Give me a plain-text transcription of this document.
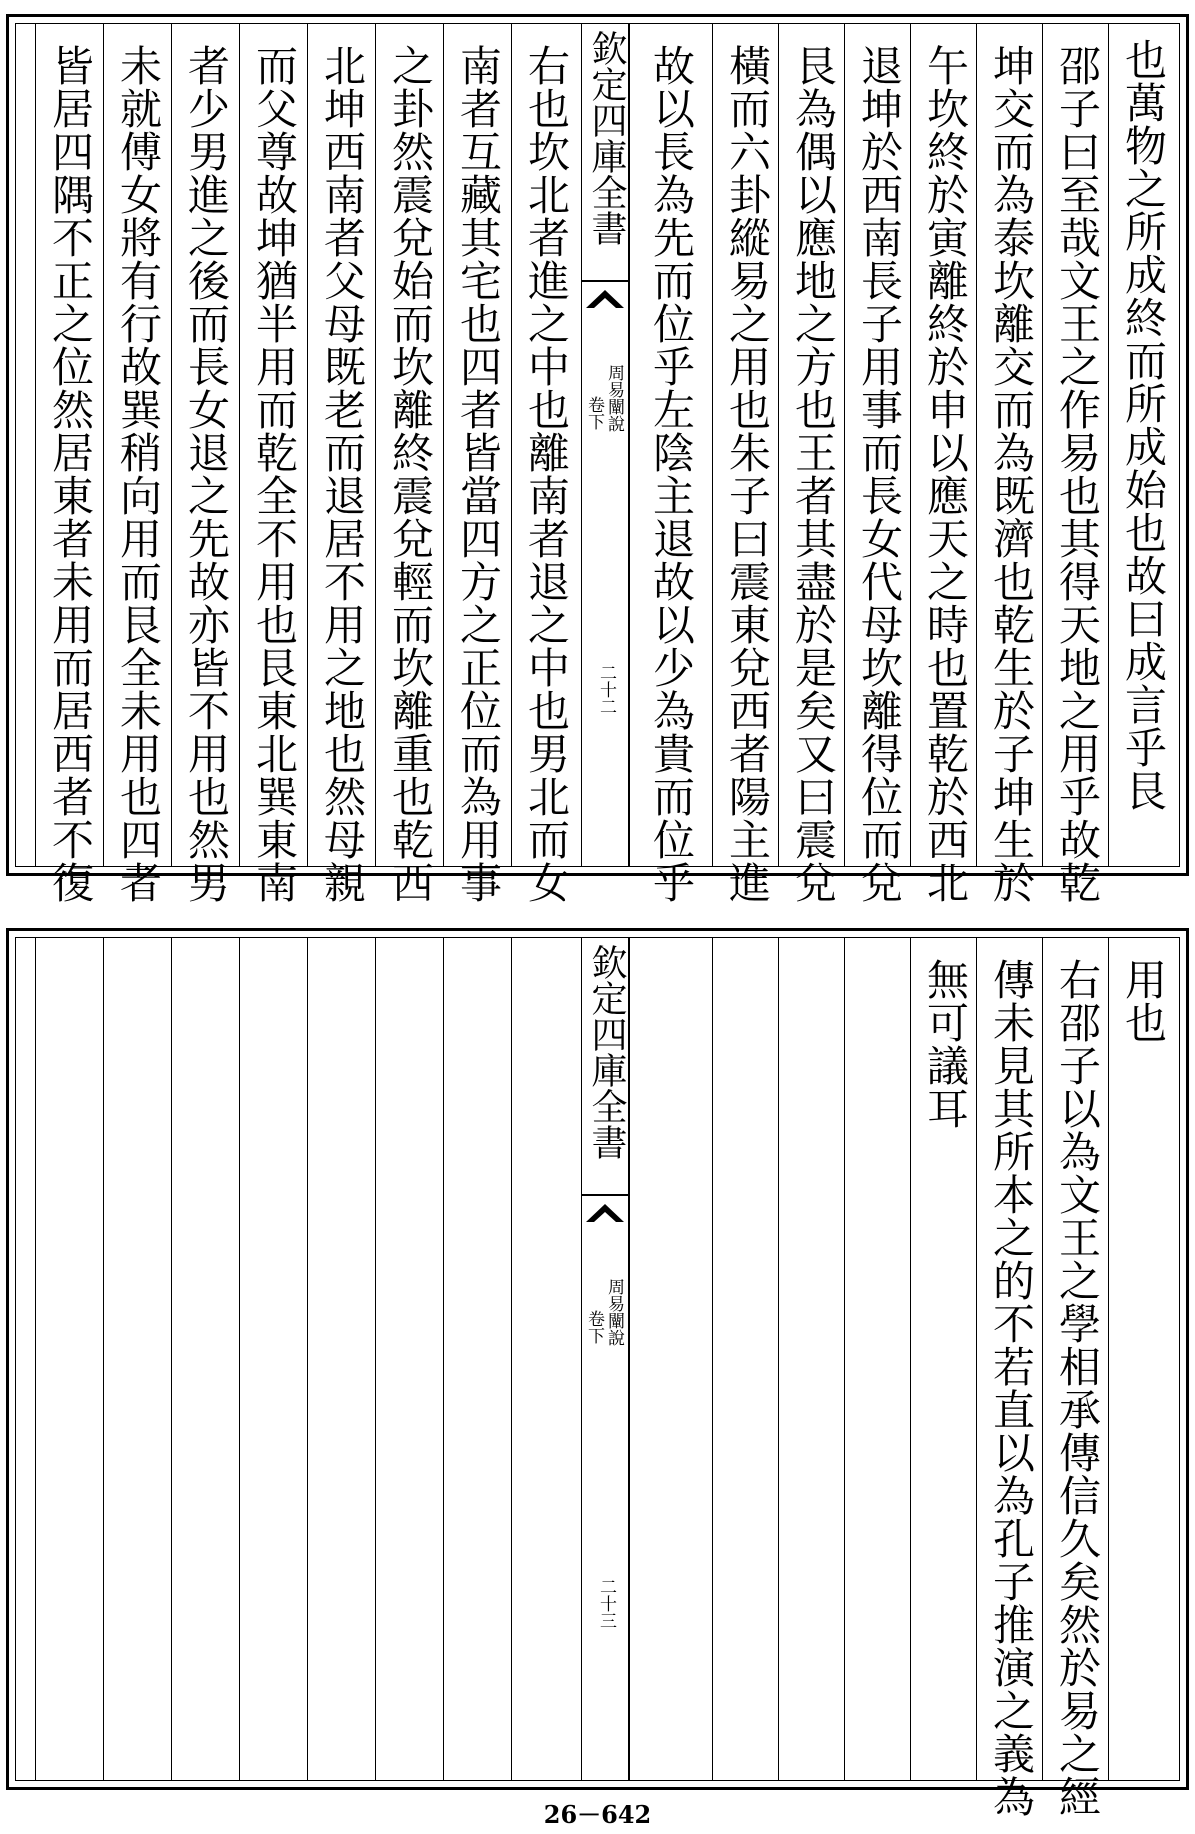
也萬物之所成終而所成始也故曰成言乎艮
邵子曰至哉文王之作易也其得天地之用乎故乾
坤交而為泰坎離交而為既濟也乾生於子坤生於
午坎終於寅離終於申以應天之時也置乾於西北
退坤於西南長子用事而長女代母坎離得位而兌
艮為偶以應地之方也王者其盡於是矣又曰震兌
橫而六卦縱易之用也朱子曰震東兌西者陽主進
故以長為先而位乎左陰主退故以少為貴而位乎
欽定四庫全書
周易闡說
卷下
二十二
右也坎北者進之中也離南者退之中也男北而女
南者互藏其宅也四者皆當四方之正位而為用事
之卦然震兌始而坎離終震兌輕而坎離重也乾西
北坤西南者父母既老而退居不用之地也然母親
而父尊故坤猶半用而乾全不用也艮東北巽東南
者少男進之後而長女退之先故亦皆不用也然男
未就傅女將有行故巽稍向用而艮全未用也四者
皆居四隅不正之位然居東者未用而居西者不復
用也
右邵子以為文王之學相承傳信久矣然於易之經
傳未見其所本之的不若直以為孔子推演之義為
無可議耳
欽定四庫全書
周易闡說
卷下
二十三
26－642
